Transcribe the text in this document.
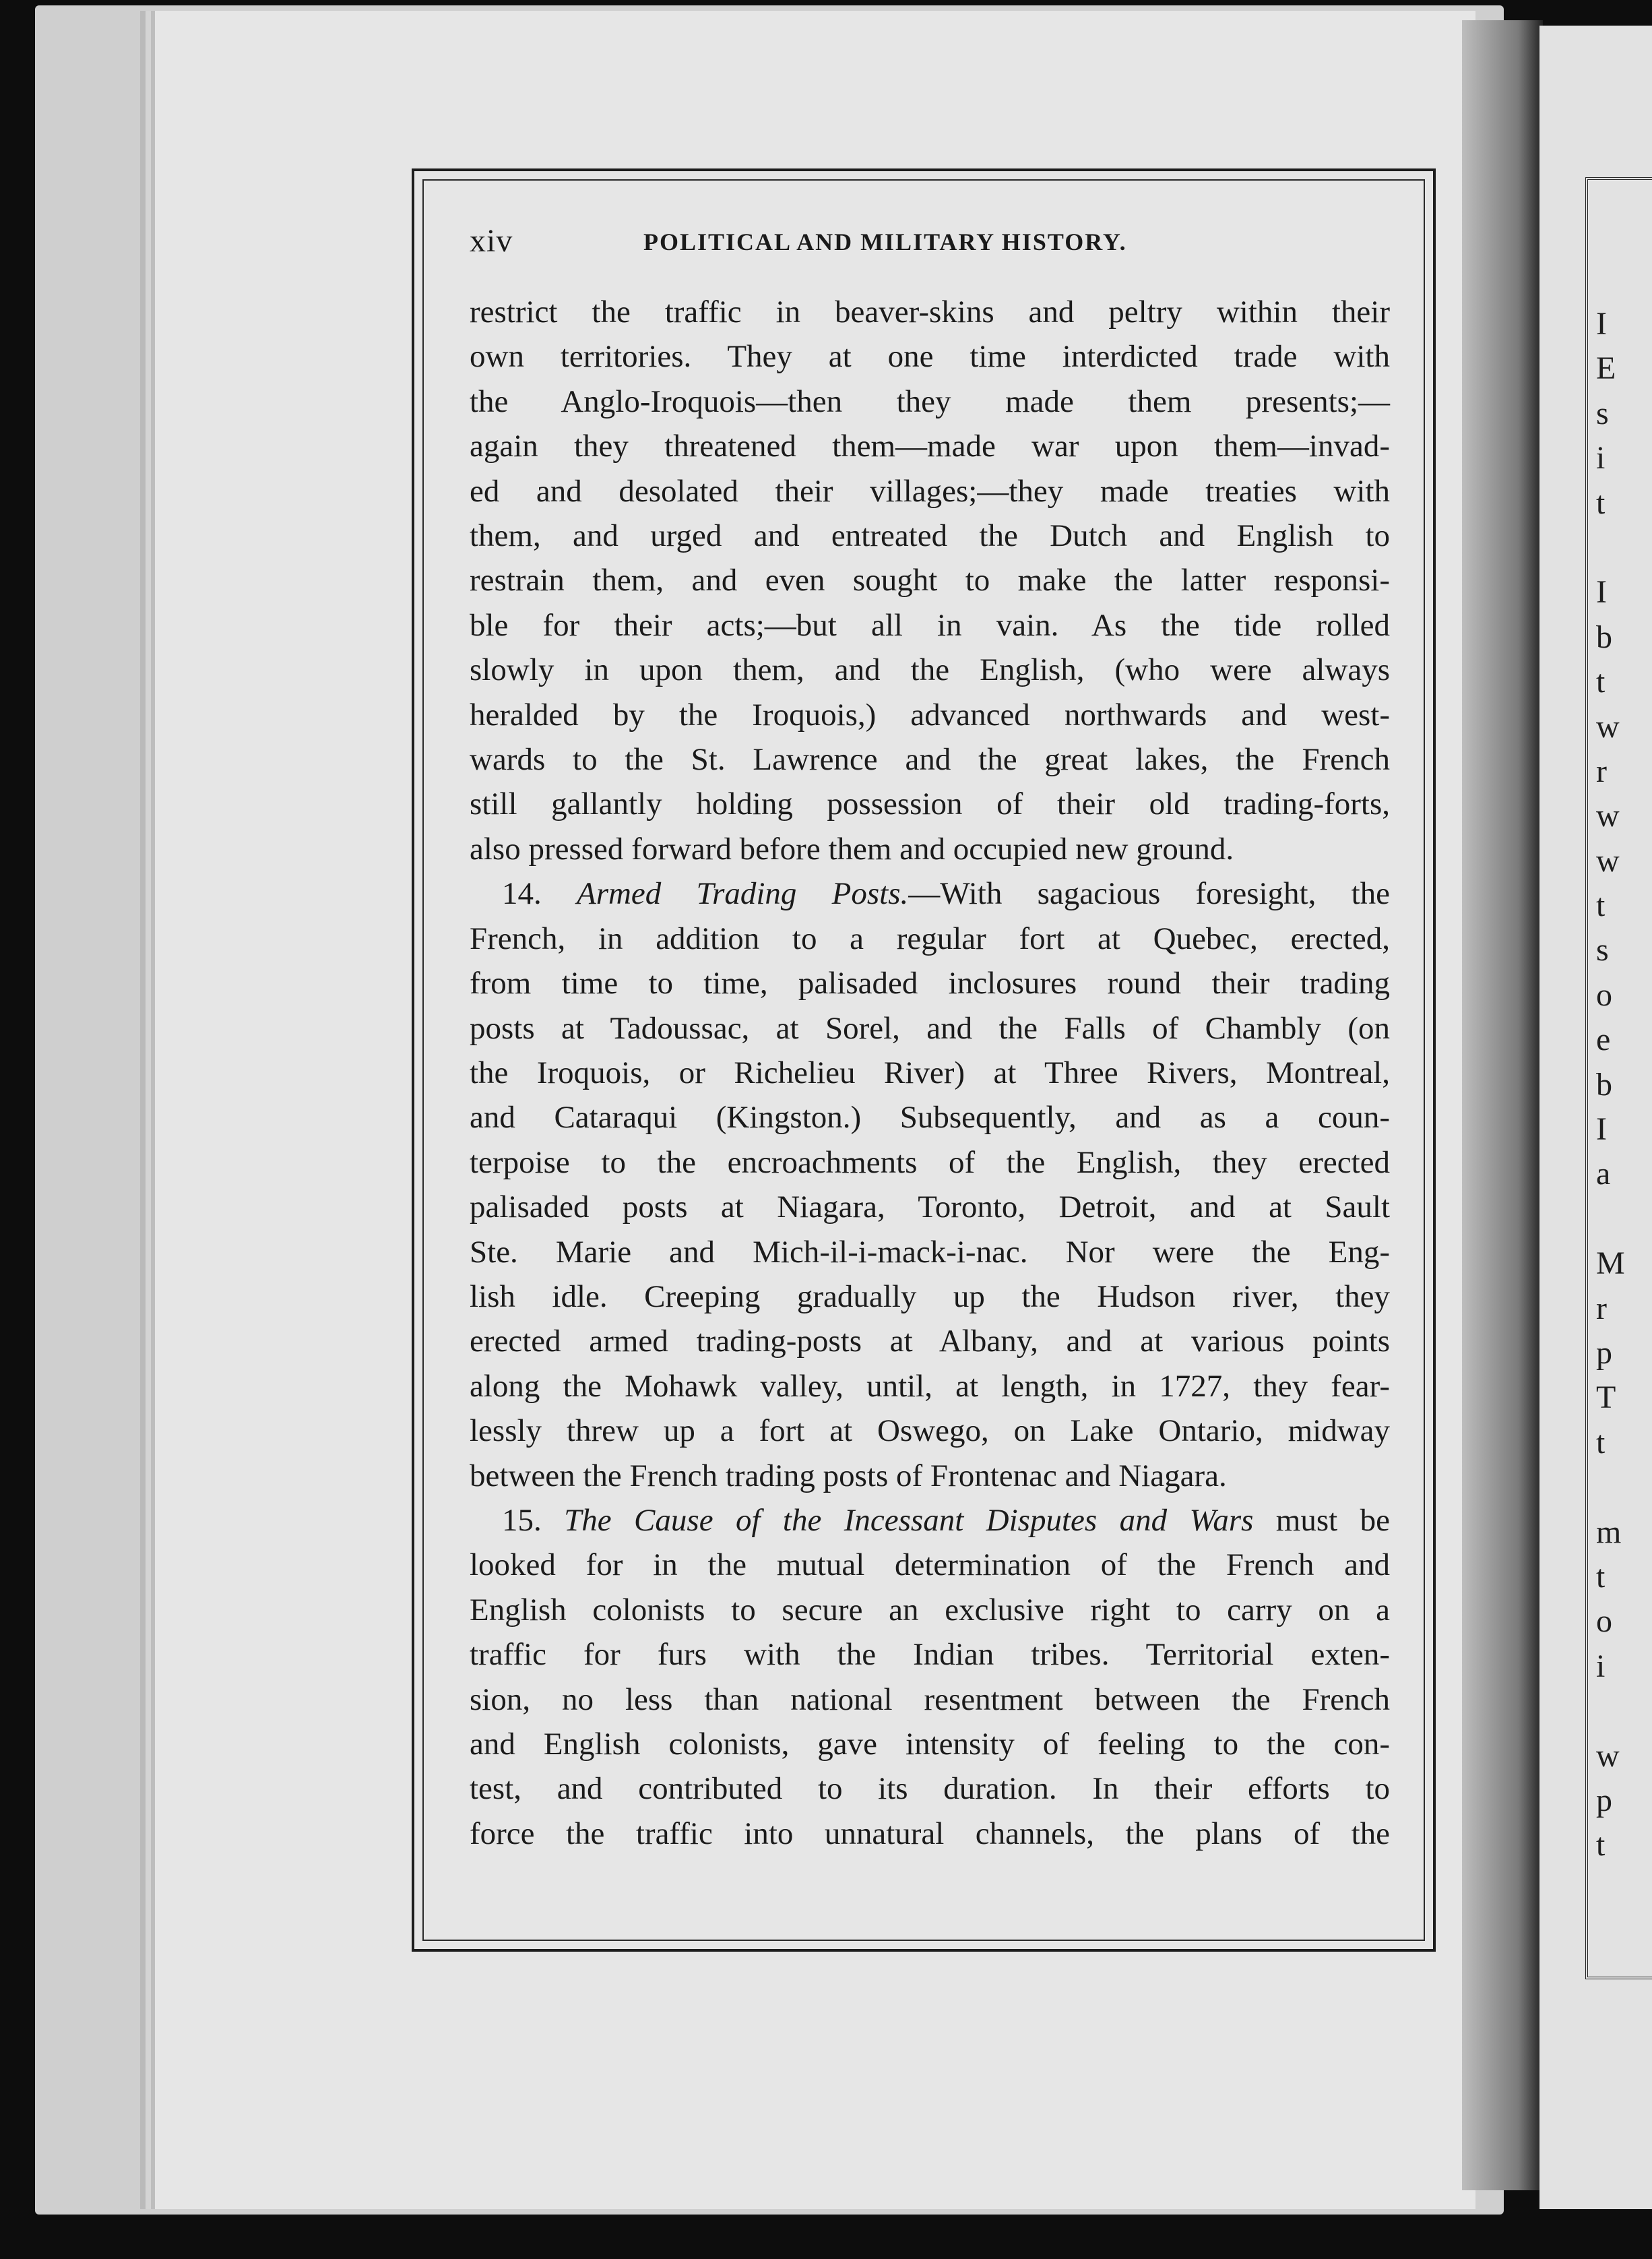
I
E
s
i
t
I
b
t
w
r
w
w
t
s
o
e
b
I
a
M
r
p
T
t
m
t
o
i
w
p
t
xiv	POLITICAL AND MILITARY HISTORY.
restrict the traffic in beaver-skins and peltry within their
own territories. They at one time interdicted trade with
the Anglo-Iroquois—then they made them presents;—
again they threatened them—made war upon them—invad-
ed and desolated their villages;—they made treaties with
them, and urged and entreated the Dutch and English to
restrain them, and even sought to make the latter responsi-
ble for their acts;—but all in vain. As the tide rolled
slowly in upon them, and the English, (who were always
heralded by the Iroquois,) advanced northwards and west-
wards to the St. Lawrence and the great lakes, the French
still gallantly holding possession of their old trading-forts,
also pressed forward before them and occupied new ground.
14. Armed Trading Posts.—With sagacious foresight, the
French, in addition to a regular fort at Quebec, erected,
from time to time, palisaded inclosures round their trading
posts at Tadoussac, at Sorel, and the Falls of Chambly (on
the Iroquois, or Richelieu River) at Three Rivers, Montreal,
and Cataraqui (Kingston.) Subsequently, and as a coun-
terpoise to the encroachments of the English, they erected
palisaded posts at Niagara, Toronto, Detroit, and at Sault
Ste. Marie and Mich-il-i-mack-i-nac. Nor were the Eng-
lish idle. Creeping gradually up the Hudson river, they
erected armed trading-posts at Albany, and at various points
along the Mohawk valley, until, at length, in 1727, they fear-
lessly threw up a fort at Oswego, on Lake Ontario, midway
between the French trading posts of Frontenac and Niagara.
15. The Cause of the Incessant Disputes and Wars must be
looked for in the mutual determination of the French and
English colonists to secure an exclusive right to carry on a
traffic for furs with the Indian tribes. Territorial exten-
sion, no less than national resentment between the French
and English colonists, gave intensity of feeling to the con-
test, and contributed to its duration. In their efforts to
force the traffic into unnatural channels, the plans of the
